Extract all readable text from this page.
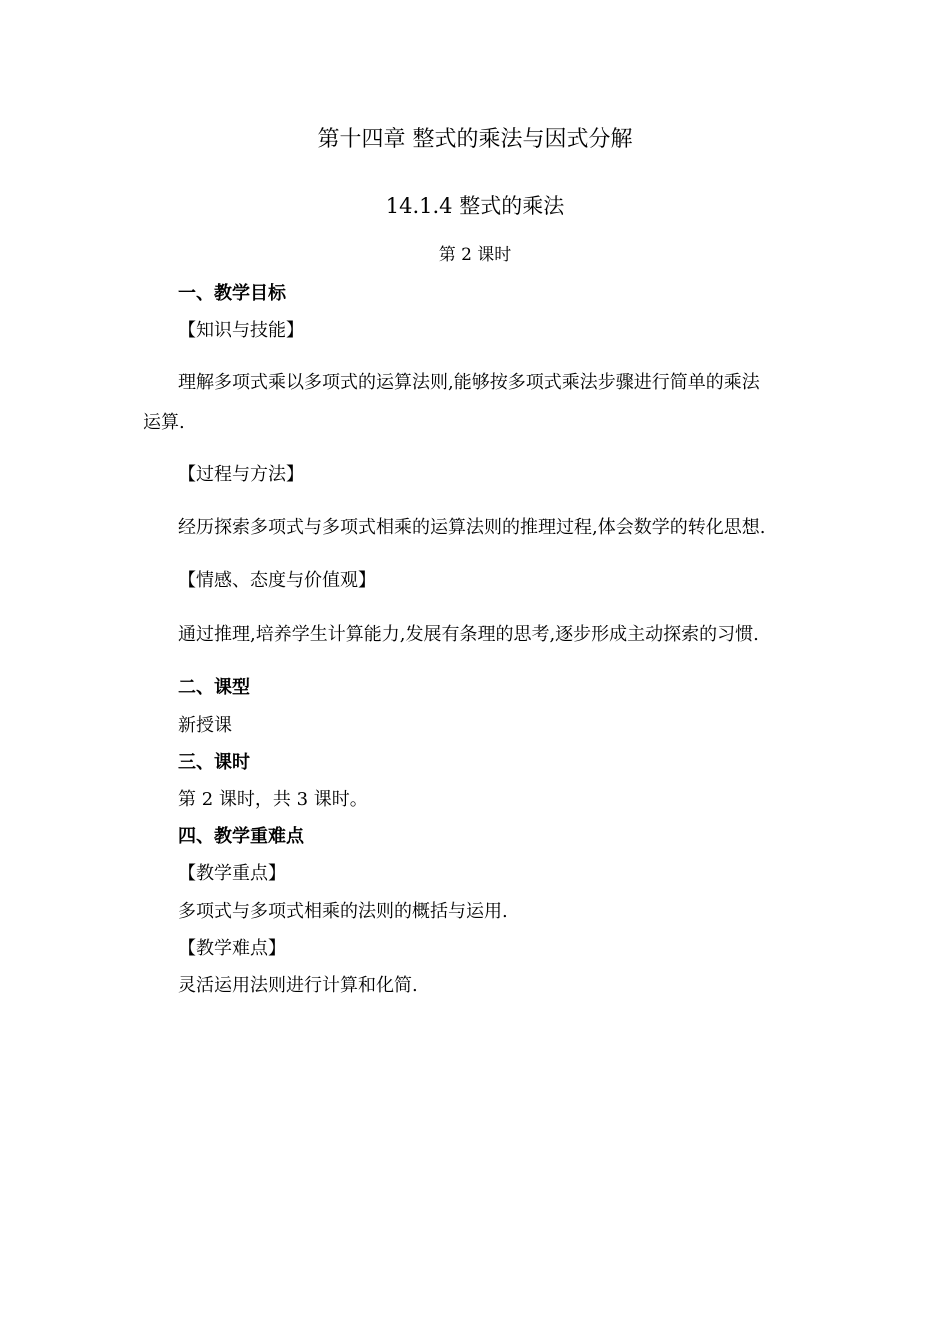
第十四章 整式的乘法与因式分解
14.1.4 整式的乘法
第 2 课时
一、教学目标
【知识与技能】
理解多项式乘以多项式的运算法则,能够按多项式乘法步骤进行简单的乘法
运算.
【过程与方法】
经历探索多项式与多项式相乘的运算法则的推理过程,体会数学的转化思想.
【情感、态度与价值观】
通过推理,培养学生计算能力,发展有条理的思考,逐步形成主动探索的习惯.
二、课型
新授课
三、课时
第 2 课时，共 3 课时。
四、教学重难点
【教学重点】
多项式与多项式相乘的法则的概括与运用.
【教学难点】
灵活运用法则进行计算和化简.
